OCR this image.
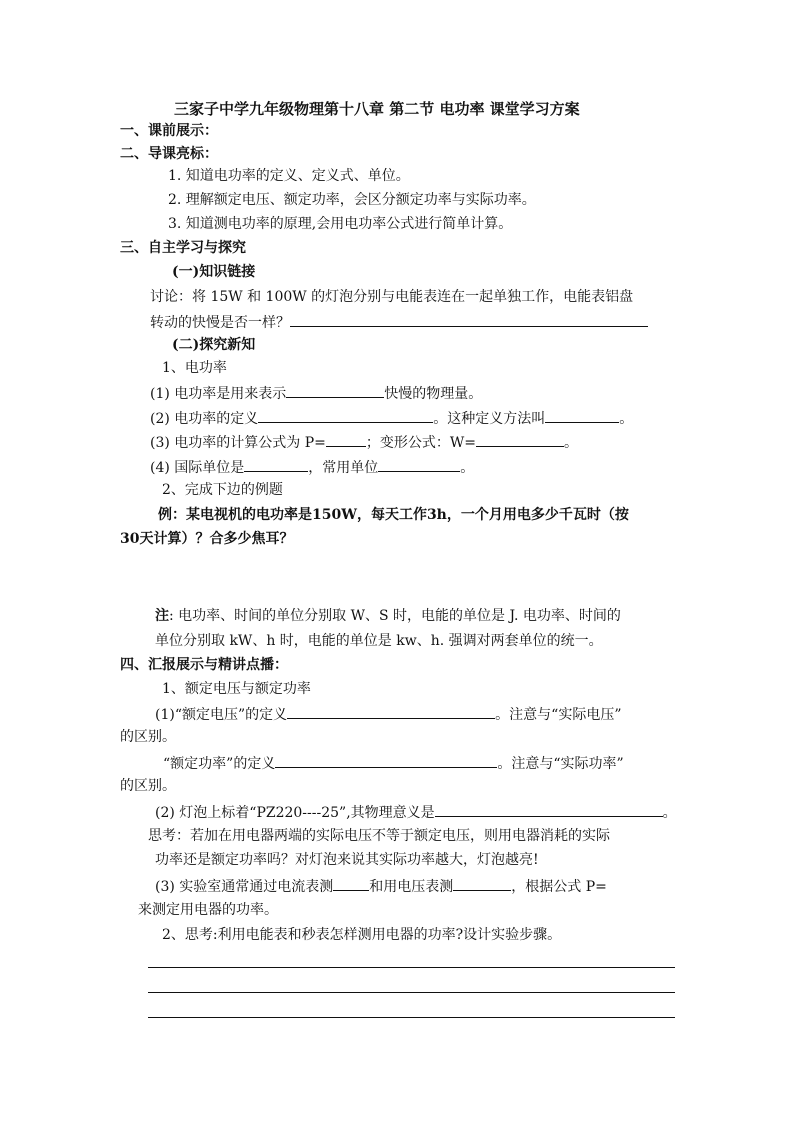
三家子中学九年级物理第十八章 第二节 电功率 课堂学习方案
一、课前展示：
二、导课亮标：
1. 知道电功率的定义、定义式、单位。
2. 理解额定电压、额定功率，会区分额定功率与实际功率。
3. 知道测电功率的原理,会用电功率公式进行简单计算。
三、自主学习与探究
(一)知识链接
讨论：将 15W 和 100W 的灯泡分别与电能表连在一起单独工作，电能表铝盘
转动的快慢是否一样？
(二)探究新知
1、电功率
(1) 电功率是用来表示	快慢的物理量。
(2) 电功率的定义	。这种定义方法叫	。
(3) 电功率的计算公式为 P=	；变形公式：W=	。
(4) 国际单位是	，常用单位	。
2、完成下边的例题
例：某电视机的电功率是150W，每天工作3h，一个月用电多少千瓦时（按
30天计算）？合多少焦耳？
注: 电功率、时间的单位分别取 W、S 时，电能的单位是 J. 电功率、时间的
单位分别取 kW、h 时，电能的单位是 kw、h. 强调对两套单位的统一。
四、汇报展示与精讲点播：
1、额定电压与额定功率
(1)“额定电压”的定义	。注意与“实际电压”
的区别。
“额定功率”的定义	。注意与“实际功率”
的区别。
(2) 灯泡上标着“PZ220----25”,其物理意义是	。
思考：若加在用电器两端的实际电压不等于额定电压，则用电器消耗的实际
功率还是额定功率吗？对灯泡来说其实际功率越大，灯泡越亮!
(3) 实验室通常通过电流表测	和用电压表测	，根据公式 P=
来测定用电器的功率。
2、思考:利用电能表和秒表怎样测用电器的功率?设计实验步骤。
